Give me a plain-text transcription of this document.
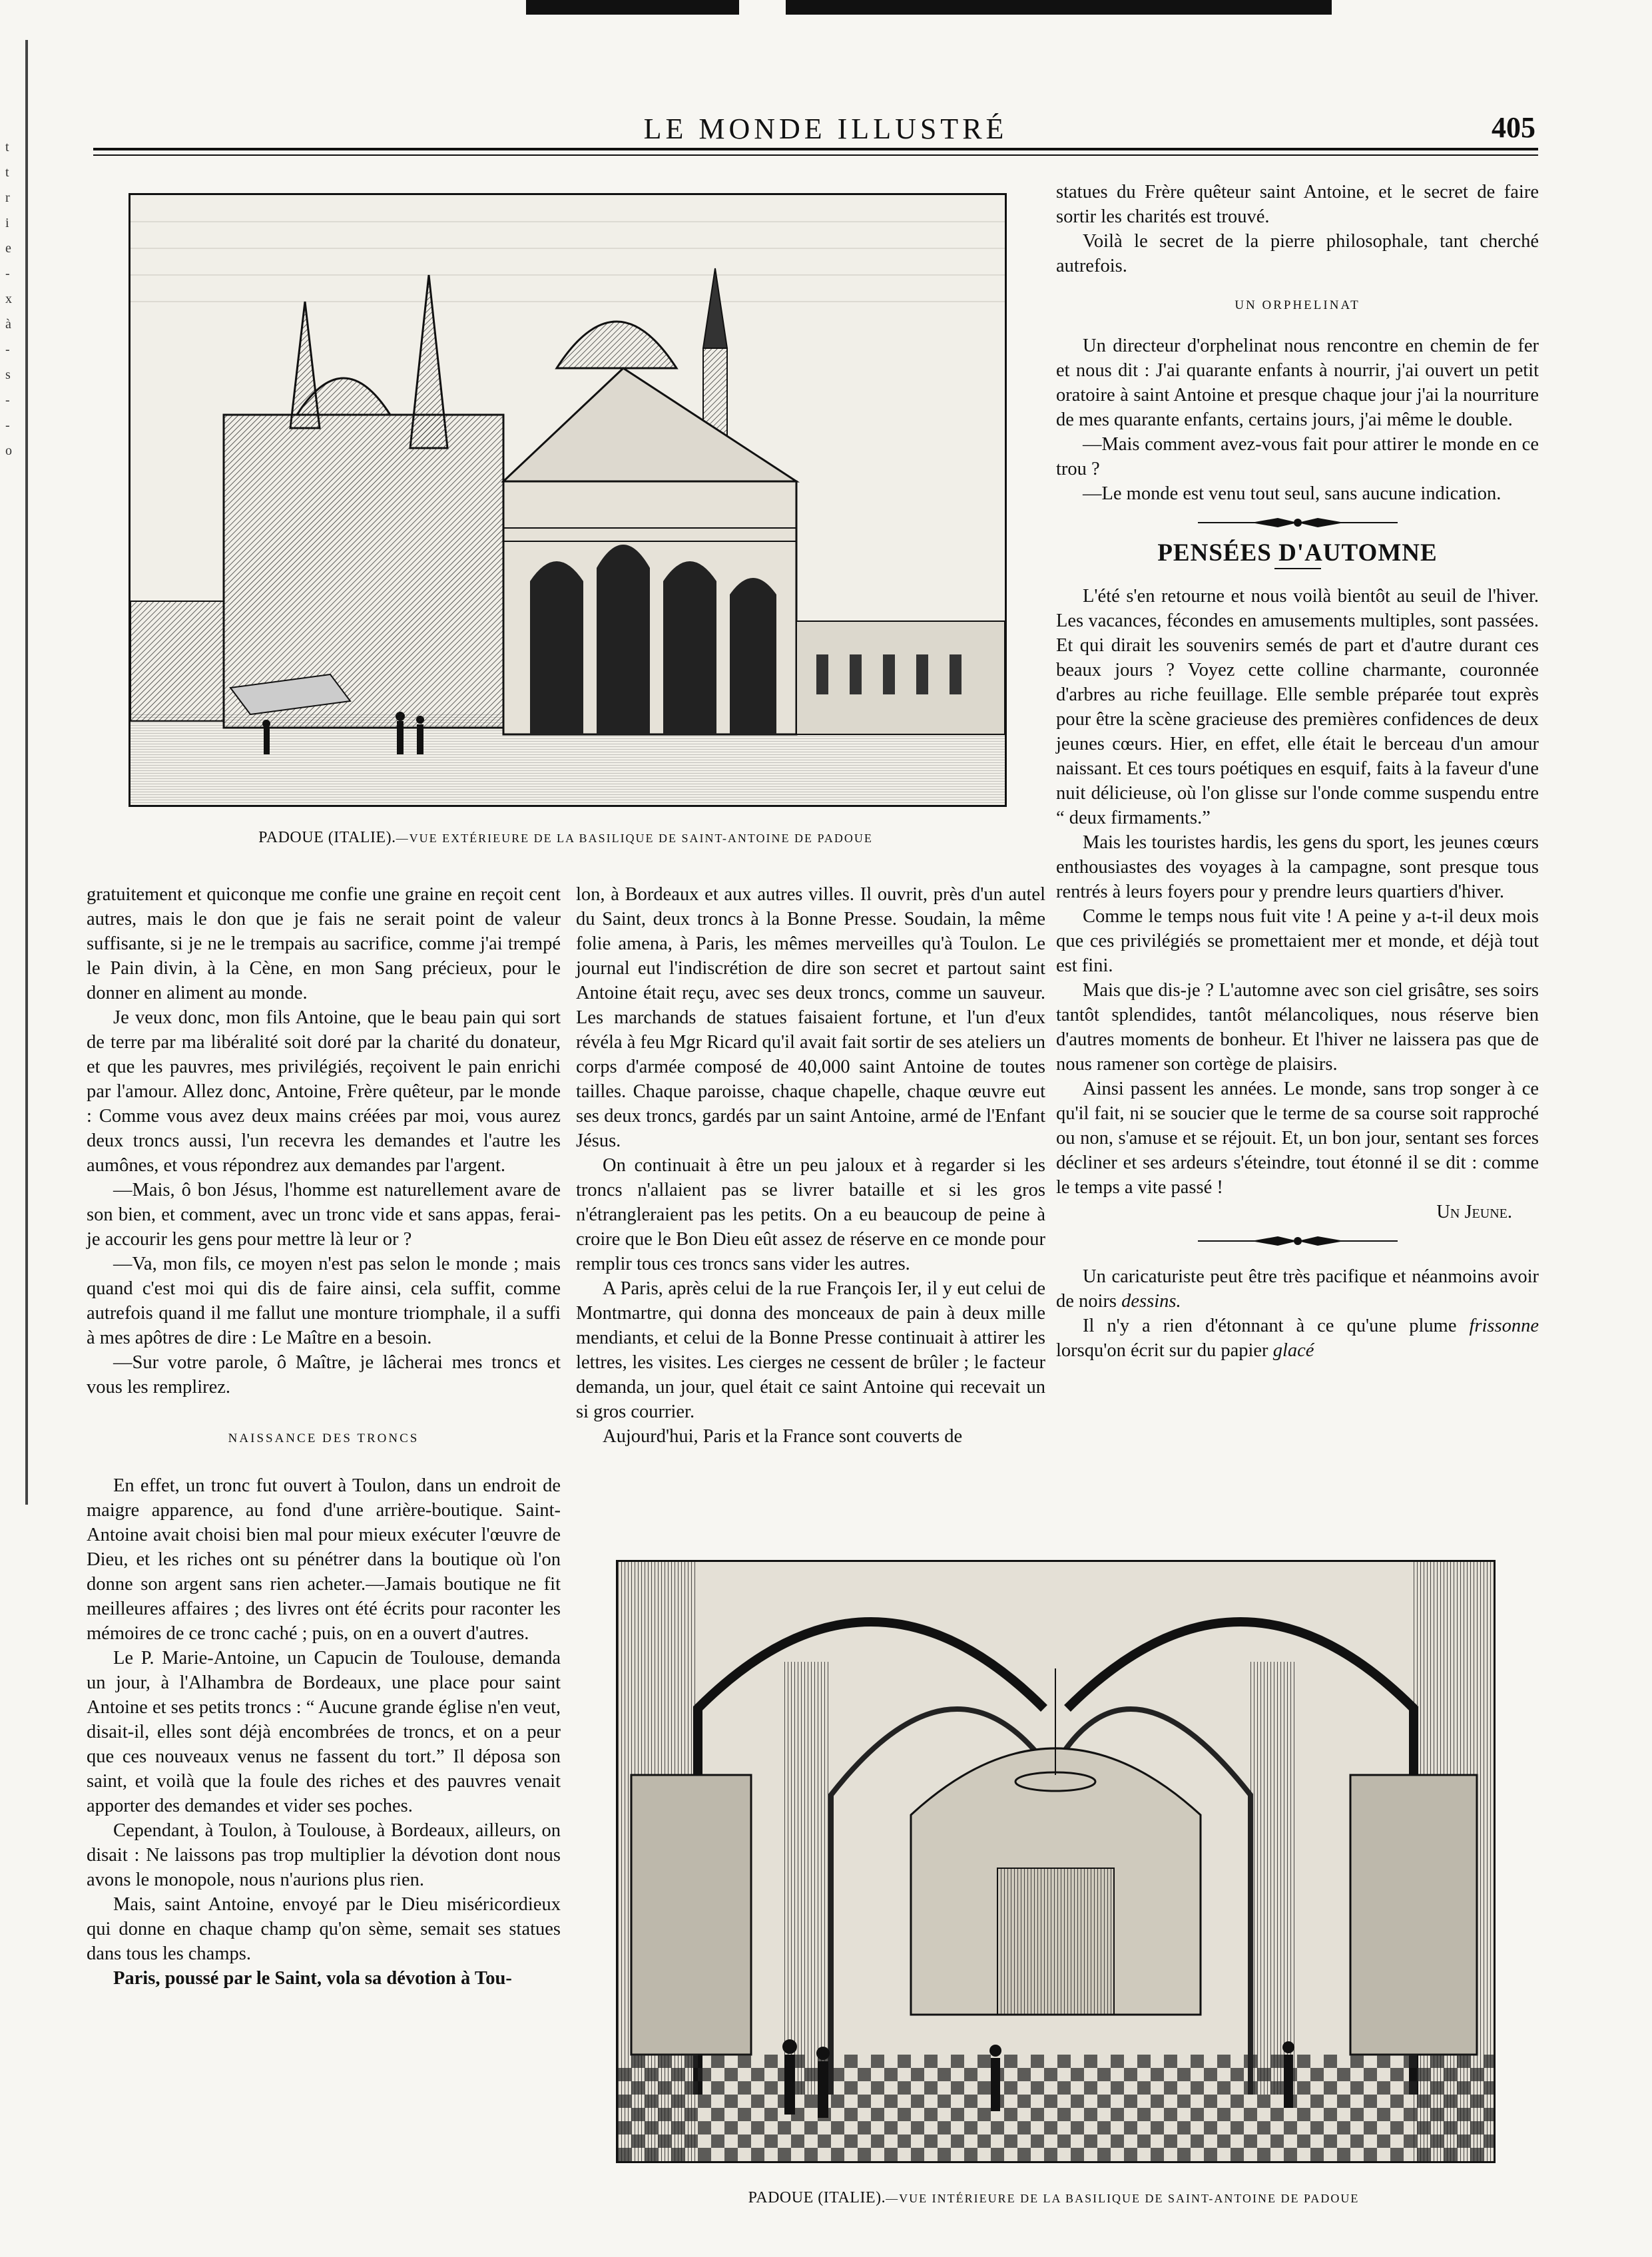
t
t
r
i
e
-
x
à
-
s
-
-
o
LE MONDE ILLUSTRÉ	405
PADOUE (ITALIE).—VUE EXTÉRIEURE DE LA BASILIQUE DE SAINT-ANTOINE DE PADOUE

statues du Frère quêteur saint Antoine, et le secret de faire sortir les charités est trouvé.

Voilà le secret de la pierre philosophale, tant cherché autrefois.

UN ORPHELINAT

Un directeur d'orphelinat nous rencontre en chemin de fer et nous dit : J'ai quarante enfants à nourrir, j'ai ouvert un petit oratoire à saint Antoine et presque chaque jour j'ai la nourriture de mes quarante enfants, certains jours, j'ai même le double.

—Mais comment avez-vous fait pour attirer le monde en ce trou ?

—Le monde est venu tout seul, sans aucune indication.

PENSÉES D'AUTOMNE

L'été s'en retourne et nous voilà bientôt au seuil de l'hiver. Les vacances, fécondes en amusements multiples, sont passées. Et qui dirait les souvenirs semés de part et d'autre durant ces beaux jours ? Voyez cette colline charmante, couronnée d'arbres au riche feuillage. Elle semble préparée tout exprès pour être la scène gracieuse des premières confidences de deux jeunes cœurs. Hier, en effet, elle était le berceau d'un amour naissant. Et ces tours poétiques en esquif, faits à la faveur d'une nuit délicieuse, où l'on glisse sur l'onde comme suspendu entre “ deux firmaments.”

Mais les touristes hardis, les gens du sport, les jeunes cœurs enthousiastes des voyages à la campagne, sont presque tous rentrés à leurs foyers pour y prendre leurs quartiers d'hiver.

Comme le temps nous fuit vite ! A peine y a-t-il deux mois que ces privilégiés se promettaient mer et monde, et déjà tout est fini.

Mais que dis-je ? L'automne avec son ciel grisâtre, ses soirs tantôt splendides, tantôt mélancoliques, nous réserve bien d'autres moments de bonheur. Et l'hiver ne laissera pas que de nous ramener son cortège de plaisirs.

Ainsi passent les années. Le monde, sans trop songer à ce qu'il fait, ni se soucier que le terme de sa course soit rapproché ou non, s'amuse et se réjouit. Et, un bon jour, sentant ses forces décliner et ses ardeurs s'éteindre, tout étonné il se dit : comme le temps a vite passé !

Un Jeune.

Un caricaturiste peut être très pacifique et néanmoins avoir de noirs dessins.

Il n'y a rien d'étonnant à ce qu'une plume frissonne lorsqu'on écrit sur du papier glacé

gratuitement et quiconque me confie une graine en reçoit cent autres, mais le don que je fais ne serait point de valeur suffisante, si je ne le trempais au sacrifice, comme j'ai trempé le Pain divin, à la Cène, en mon Sang précieux, pour le donner en aliment au monde.

Je veux donc, mon fils Antoine, que le beau pain qui sort de terre par ma libéralité soit doré par la charité du donateur, et que les pauvres, mes privilégiés, reçoivent le pain enrichi par l'amour. Allez donc, Antoine, Frère quêteur, par le monde : Comme vous avez deux mains créées par moi, vous aurez deux troncs aussi, l'un recevra les demandes et l'autre les aumônes, et vous répondrez aux demandes par l'argent.

—Mais, ô bon Jésus, l'homme est naturellement avare de son bien, et comment, avec un tronc vide et sans appas, ferai-je accourir les gens pour mettre là leur or ?

—Va, mon fils, ce moyen n'est pas selon le monde ; mais quand c'est moi qui dis de faire ainsi, cela suffit, comme autrefois quand il me fallut une monture triomphale, il a suffi à mes apôtres de dire : Le Maître en a besoin.

—Sur votre parole, ô Maître, je lâcherai mes troncs et vous les remplirez.

NAISSANCE DES TRONCS

En effet, un tronc fut ouvert à Toulon, dans un endroit de maigre apparence, au fond d'une arrière-boutique. Saint-Antoine avait choisi bien mal pour mieux exécuter l'œuvre de Dieu, et les riches ont su pénétrer dans la boutique où l'on donne son argent sans rien acheter.—Jamais boutique ne fit meilleures affaires ; des livres ont été écrits pour raconter les mémoires de ce tronc caché ; puis, on en a ouvert d'autres.

Le P. Marie-Antoine, un Capucin de Toulouse, demanda un jour, à l'Alhambra de Bordeaux, une place pour saint Antoine et ses petits troncs : “ Aucune grande église n'en veut, disait-il, elles sont déjà encombrées de troncs, et on a peur que ces nouveaux venus ne fassent du tort.” Il déposa son saint, et voilà que la foule des riches et des pauvres venait apporter des demandes et vider ses poches.

Cependant, à Toulon, à Toulouse, à Bordeaux, ailleurs, on disait : Ne laissons pas trop multiplier la dévotion dont nous avons le monopole, nous n'aurions plus rien.

Mais, saint Antoine, envoyé par le Dieu miséricordieux qui donne en chaque champ qu'on sème, semait ses statues dans tous les champs.

Paris, poussé par le Saint, vola sa dévotion à Tou-

lon, à Bordeaux et aux autres villes. Il ouvrit, près d'un autel du Saint, deux troncs à la Bonne Presse. Soudain, la même folie amena, à Paris, les mêmes merveilles qu'à Toulon. Le journal eut l'indiscrétion de dire son secret et partout saint Antoine était reçu, avec ses deux troncs, comme un sauveur. Les marchands de statues faisaient fortune, et l'un d'eux révéla à feu Mgr Ricard qu'il avait fait sortir de ses ateliers un corps d'armée composé de 40,000 saint Antoine de toutes tailles. Chaque paroisse, chaque chapelle, chaque œuvre eut ses deux troncs, gardés par un saint Antoine, armé de l'Enfant Jésus.

On continuait à être un peu jaloux et à regarder si les troncs n'allaient pas se livrer bataille et si les gros n'étrangleraient pas les petits. On a eu beaucoup de peine à croire que le Bon Dieu eût assez de réserve en ce monde pour remplir tous ces troncs sans vider les autres.

A Paris, après celui de la rue François Ier, il y eut celui de Montmartre, qui donna des monceaux de pain à deux mille mendiants, et celui de la Bonne Presse continuait à attirer les lettres, les visites. Les cierges ne cessent de brûler ; le facteur demanda, un jour, quel était ce saint Antoine qui recevait un si gros courrier.

Aujourd'hui, Paris et la France sont couverts de

PADOUE (ITALIE).—VUE INTÉRIEURE DE LA BASILIQUE DE SAINT-ANTOINE DE PADOUE
